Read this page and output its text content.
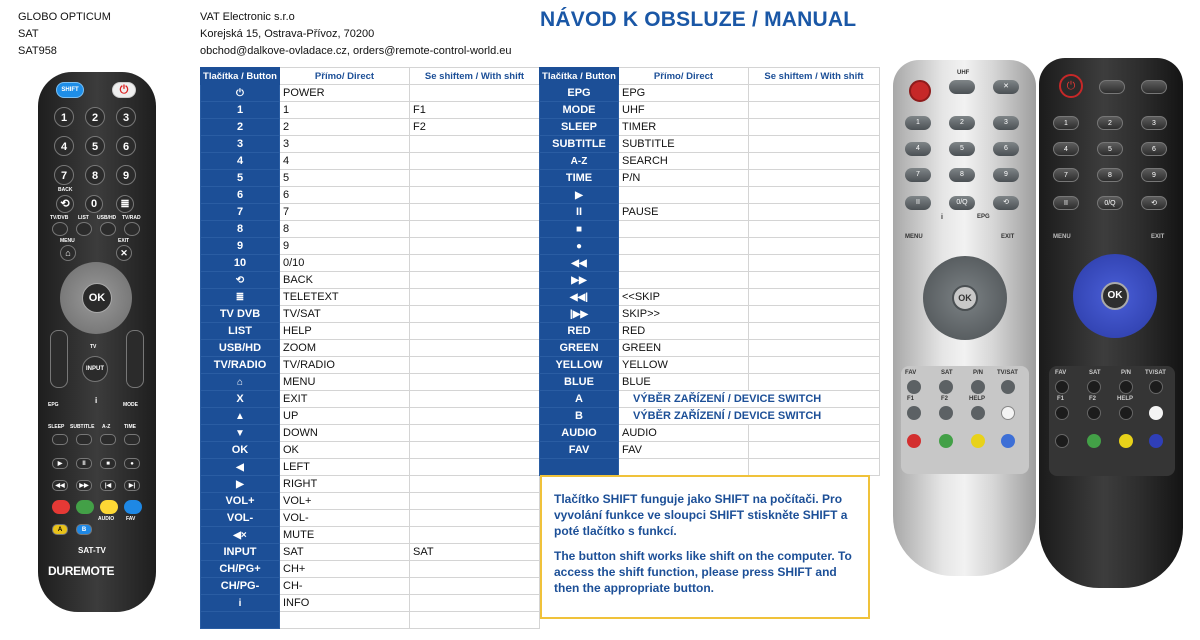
GLOBO OPTICUM
SAT
SAT958
VAT Electronic s.r.o
Korejská 15, Ostrava-Přívoz, 70200
obchod@dalkove-ovladace.cz, orders@remote-control-world.eu
NÁVOD K OBSLUZE / MANUAL
Tlačítka / Button	Přímo/ Direct	Se shiftem / With shift
⏻	POWER	
1	1	F1
2	2	F2
3	3	
4	4	
5	5	
6	6	
7	7	
8	8	
9	9	
10	0/10	
⟲	BACK	
≣	TELETEXT	
TV DVB	TV/SAT	
LIST	HELP	
USB/HD	ZOOM	
TV/RADIO	TV/RADIO	
⌂	MENU	
X	EXIT	
▲	UP	
▼	DOWN	
OK	OK	
◀	LEFT	
▶	RIGHT	
VOL+	VOL+	
VOL-	VOL-	
◀×	MUTE	
INPUT	SAT	SAT
CH/PG+	CH+	
CH/PG-	CH-	
i	INFO	

Tlačítka / Button	Přímo/ Direct	Se shiftem / With shift
EPG	EPG	
MODE	UHF	
SLEEP	TIMER	
SUBTITLE	SUBTITLE	
A-Z	SEARCH	
TIME	P/N	
▶		
II	PAUSE	
■		
●		
◀◀		
▶▶		
◀◀|	<<SKIP	
|▶▶	SKIP>>	
RED	RED	
GREEN	GREEN	
YELLOW	YELLOW	
BLUE	BLUE	
A	VÝBĚR ZAŘÍZENÍ / DEVICE SWITCH	
B	VÝBĚR ZAŘÍZENÍ / DEVICE SWITCH	
AUDIO	AUDIO	
FAV	FAV	

Tlačítko SHIFT funguje jako SHIFT na počítači. Pro vyvolání funkce ve sloupci SHIFT stiskněte SHIFT a poté tlačítko s funkcí.

The button shift works like shift on the computer. To access the shift function, please press SHIFT and then the appropriate button.

SHIFT	⏻
1	2	3
4	5	6
7	8	9
BACK
⟲	0	≣
TV/DVB LIST USB/HD TV/RAD
MENU	EXIT
⌂	✕
OK
TV
INPUT
EPG	i	MODE
SLEEP SUBTITLE A-Z	TIME
▶	II	■	●
◀◀	▶▶	|◀	▶|
AUDIO FAV
A	B
SAT-TV
DUREMOTE
UHF
✕
1	2	3
4	5	6
7	8	9
II	0/Q	⟲
i	EPG
MENU	EXIT
OK
FAV	SAT	P/N TV/SAT
F1	F2	HELP
⏻
1	2	3
4	5	6
7	8	9
II	0/Q	⟲
MENU	EXIT
OK
FAV	SAT	P/N TV/SAT
F1	F2	HELP
